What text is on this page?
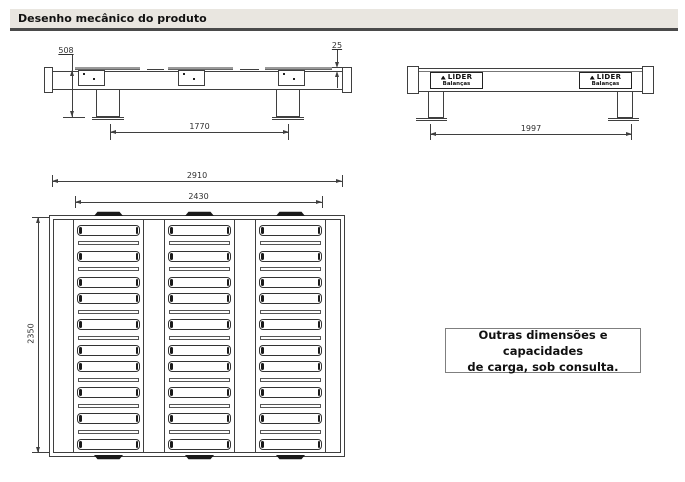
Desenho mecânico do produto
508
25
1770
LÍDER
Balanças
LÍDER
Balanças
1997
2910
2430
2350	Outras dimensões e capacidades
de carga, sob consulta.
